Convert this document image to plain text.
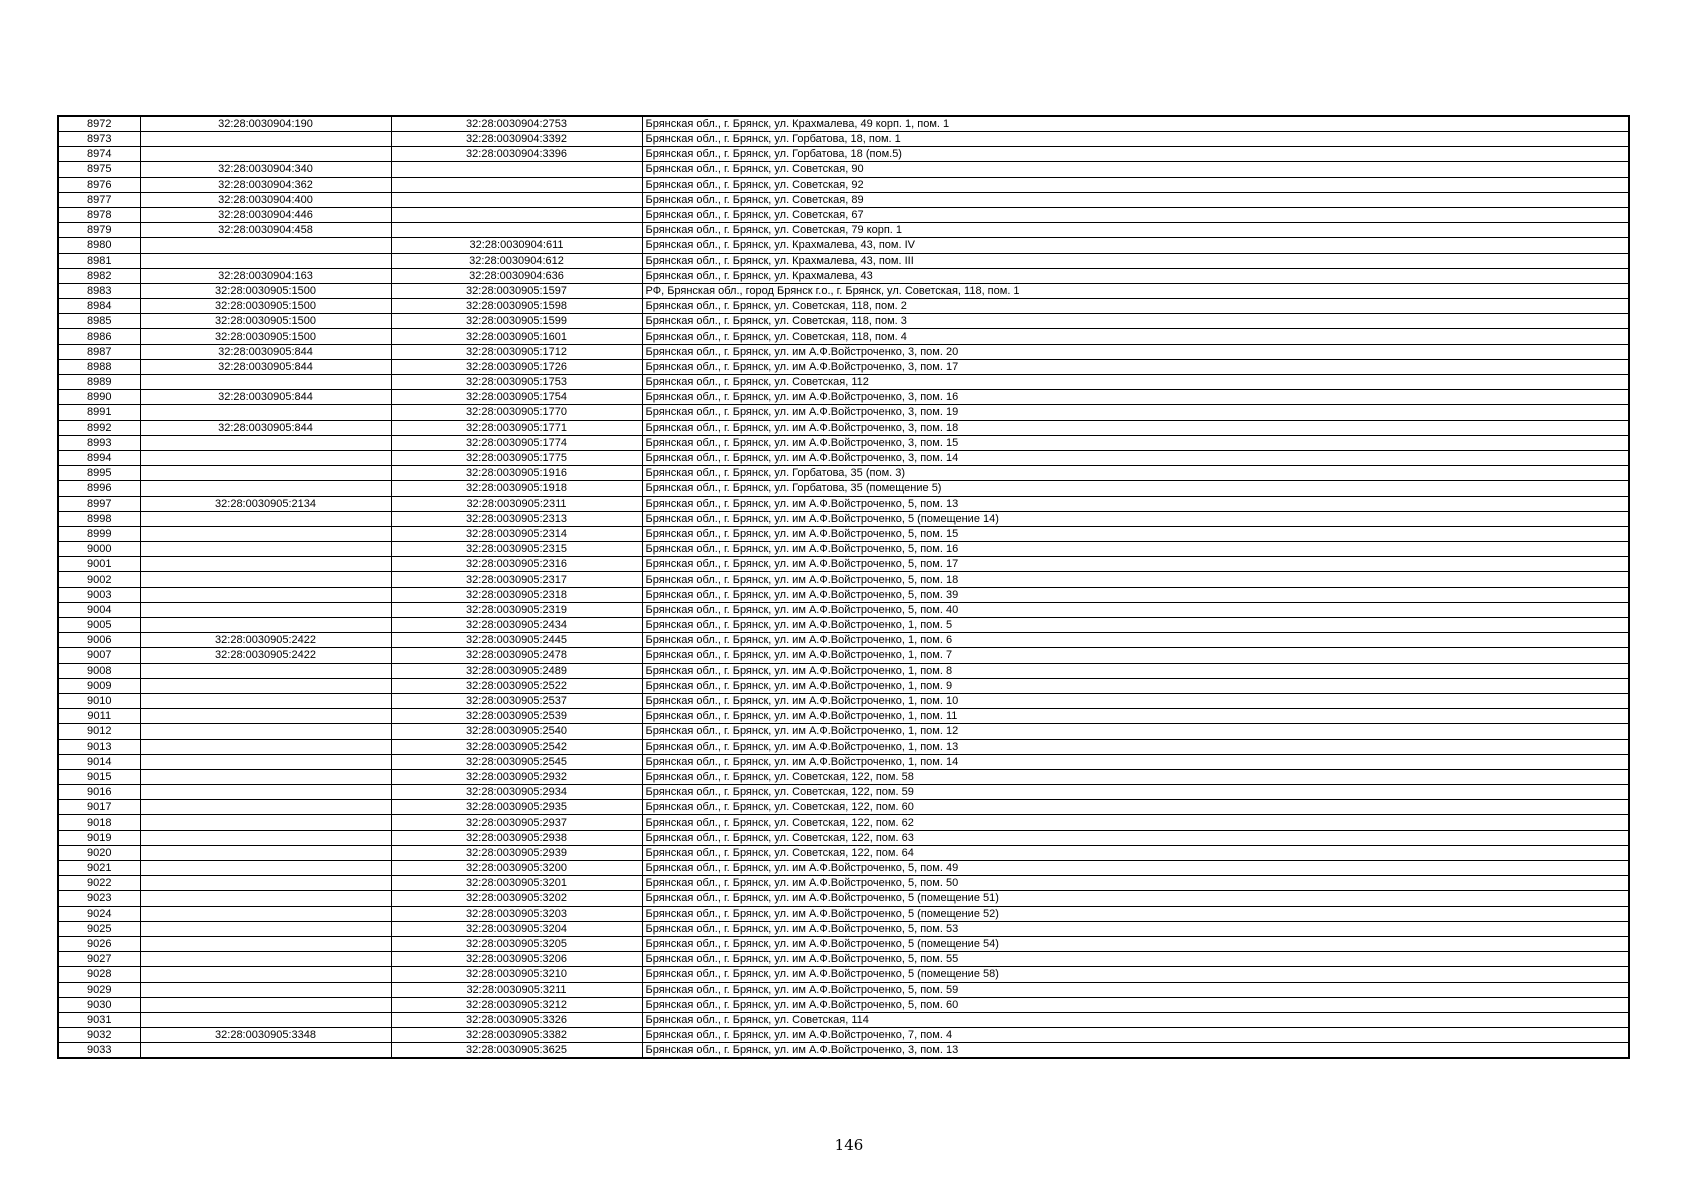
8972	32:28:0030904:190	32:28:0030904:2753	Брянская обл., г. Брянск, ул. Крахмалева, 49 корп. 1, пом. 1
8973		32:28:0030904:3392	Брянская обл., г. Брянск, ул. Горбатова, 18, пом. 1
8974		32:28:0030904:3396	Брянская обл., г. Брянск, ул. Горбатова, 18 (пом.5)
8975	32:28:0030904:340		Брянская обл., г. Брянск, ул. Советская, 90
8976	32:28:0030904:362		Брянская обл., г. Брянск, ул. Советская, 92
8977	32:28:0030904:400		Брянская обл., г. Брянск, ул. Советская, 89
8978	32:28:0030904:446		Брянская обл., г. Брянск, ул. Советская, 67
8979	32:28:0030904:458		Брянская обл., г. Брянск, ул. Советская, 79 корп. 1
8980		32:28:0030904:611	Брянская обл., г. Брянск, ул. Крахмалева, 43, пом. IV
8981		32:28:0030904:612	Брянская обл., г. Брянск, ул. Крахмалева, 43, пом. III
8982	32:28:0030904:163	32:28:0030904:636	Брянская обл., г. Брянск, ул. Крахмалева, 43
8983	32:28:0030905:1500	32:28:0030905:1597	РФ, Брянская обл., город Брянск г.о., г. Брянск, ул. Советская, 118, пом. 1
8984	32:28:0030905:1500	32:28:0030905:1598	Брянская обл., г. Брянск, ул. Советская, 118, пом. 2
8985	32:28:0030905:1500	32:28:0030905:1599	Брянская обл., г. Брянск, ул. Советская, 118, пом. 3
8986	32:28:0030905:1500	32:28:0030905:1601	Брянская обл., г. Брянск, ул. Советская, 118, пом. 4
8987	32:28:0030905:844	32:28:0030905:1712	Брянская обл., г. Брянск, ул. им А.Ф.Войстроченко, 3, пом. 20
8988	32:28:0030905:844	32:28:0030905:1726	Брянская обл., г. Брянск, ул. им А.Ф.Войстроченко, 3, пом. 17
8989		32:28:0030905:1753	Брянская обл., г. Брянск, ул. Советская, 112
8990	32:28:0030905:844	32:28:0030905:1754	Брянская обл., г. Брянск, ул. им А.Ф.Войстроченко, 3, пом. 16
8991		32:28:0030905:1770	Брянская обл., г. Брянск, ул. им А.Ф.Войстроченко, 3, пом. 19
8992	32:28:0030905:844	32:28:0030905:1771	Брянская обл., г. Брянск, ул. им А.Ф.Войстроченко, 3, пом. 18
8993		32:28:0030905:1774	Брянская обл., г. Брянск, ул. им А.Ф.Войстроченко, 3, пом. 15
8994		32:28:0030905:1775	Брянская обл., г. Брянск, ул. им А.Ф.Войстроченко, 3, пом. 14
8995		32:28:0030905:1916	Брянская обл., г. Брянск, ул. Горбатова, 35 (пом. 3)
8996		32:28:0030905:1918	Брянская обл., г. Брянск, ул. Горбатова, 35 (помещение 5)
8997	32:28:0030905:2134	32:28:0030905:2311	Брянская обл., г. Брянск, ул. им А.Ф.Войстроченко, 5, пом. 13
8998		32:28:0030905:2313	Брянская обл., г. Брянск, ул. им А.Ф.Войстроченко, 5 (помещение 14)
8999		32:28:0030905:2314	Брянская обл., г. Брянск, ул. им А.Ф.Войстроченко, 5, пом. 15
9000		32:28:0030905:2315	Брянская обл., г. Брянск, ул. им А.Ф.Войстроченко, 5, пом. 16
9001		32:28:0030905:2316	Брянская обл., г. Брянск, ул. им А.Ф.Войстроченко, 5, пом. 17
9002		32:28:0030905:2317	Брянская обл., г. Брянск, ул. им А.Ф.Войстроченко, 5, пом. 18
9003		32:28:0030905:2318	Брянская обл., г. Брянск, ул. им А.Ф.Войстроченко, 5, пом. 39
9004		32:28:0030905:2319	Брянская обл., г. Брянск, ул. им А.Ф.Войстроченко, 5, пом. 40
9005		32:28:0030905:2434	Брянская обл., г. Брянск, ул. им А.Ф.Войстроченко, 1, пом. 5
9006	32:28:0030905:2422	32:28:0030905:2445	Брянская обл., г. Брянск, ул. им А.Ф.Войстроченко, 1, пом. 6
9007	32:28:0030905:2422	32:28:0030905:2478	Брянская обл., г. Брянск, ул. им А.Ф.Войстроченко, 1, пом. 7
9008		32:28:0030905:2489	Брянская обл., г. Брянск, ул. им А.Ф.Войстроченко, 1, пом. 8
9009		32:28:0030905:2522	Брянская обл., г. Брянск, ул. им А.Ф.Войстроченко, 1, пом. 9
9010		32:28:0030905:2537	Брянская обл., г. Брянск, ул. им А.Ф.Войстроченко, 1, пом. 10
9011		32:28:0030905:2539	Брянская обл., г. Брянск, ул. им А.Ф.Войстроченко, 1, пом. 11
9012		32:28:0030905:2540	Брянская обл., г. Брянск, ул. им А.Ф.Войстроченко, 1, пом. 12
9013		32:28:0030905:2542	Брянская обл., г. Брянск, ул. им А.Ф.Войстроченко, 1, пом. 13
9014		32:28:0030905:2545	Брянская обл., г. Брянск, ул. им А.Ф.Войстроченко, 1, пом. 14
9015		32:28:0030905:2932	Брянская обл., г. Брянск, ул. Советская, 122, пом. 58
9016		32:28:0030905:2934	Брянская обл., г. Брянск, ул. Советская, 122, пом. 59
9017		32:28:0030905:2935	Брянская обл., г. Брянск, ул. Советская, 122, пом. 60
9018		32:28:0030905:2937	Брянская обл., г. Брянск, ул. Советская, 122, пом. 62
9019		32:28:0030905:2938	Брянская обл., г. Брянск, ул. Советская, 122, пом. 63
9020		32:28:0030905:2939	Брянская обл., г. Брянск, ул. Советская, 122, пом. 64
9021		32:28:0030905:3200	Брянская обл., г. Брянск, ул. им А.Ф.Войстроченко, 5, пом. 49
9022		32:28:0030905:3201	Брянская обл., г. Брянск, ул. им А.Ф.Войстроченко, 5, пом. 50
9023		32:28:0030905:3202	Брянская обл., г. Брянск, ул. им А.Ф.Войстроченко, 5 (помещение 51)
9024		32:28:0030905:3203	Брянская обл., г. Брянск, ул. им А.Ф.Войстроченко, 5 (помещение 52)
9025		32:28:0030905:3204	Брянская обл., г. Брянск, ул. им А.Ф.Войстроченко, 5, пом. 53
9026		32:28:0030905:3205	Брянская обл., г. Брянск, ул. им А.Ф.Войстроченко, 5 (помещение 54)
9027		32:28:0030905:3206	Брянская обл., г. Брянск, ул. им А.Ф.Войстроченко, 5, пом. 55
9028		32:28:0030905:3210	Брянская обл., г. Брянск, ул. им А.Ф.Войстроченко, 5 (помещение 58)
9029		32:28:0030905:3211	Брянская обл., г. Брянск, ул. им А.Ф.Войстроченко, 5, пом. 59
9030		32:28:0030905:3212	Брянская обл., г. Брянск, ул. им А.Ф.Войстроченко, 5, пом. 60
9031		32:28:0030905:3326	Брянская обл., г. Брянск, ул. Советская, 114
9032	32:28:0030905:3348	32:28:0030905:3382	Брянская обл., г. Брянск, ул. им А.Ф.Войстроченко, 7, пом. 4
9033		32:28:0030905:3625	Брянская обл., г. Брянск, ул. им А.Ф.Войстроченко, 3, пом. 13
146
